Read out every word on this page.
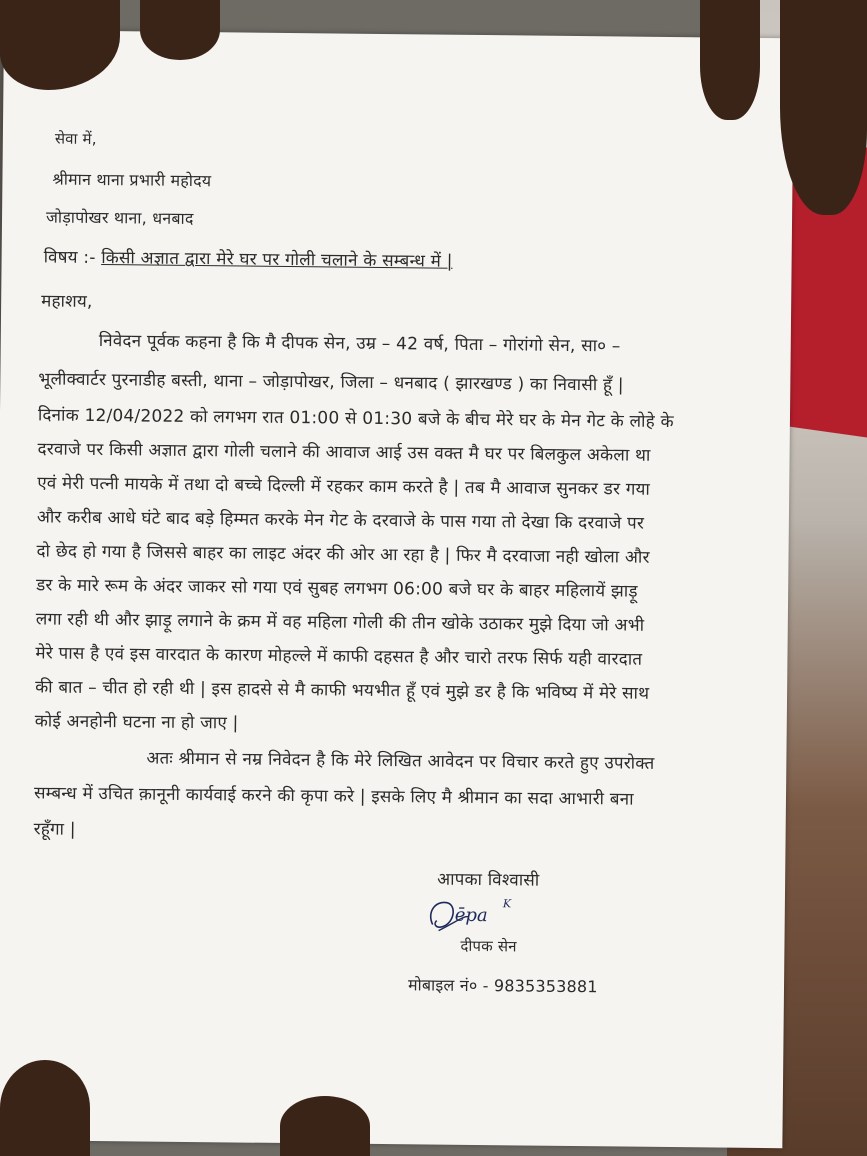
सेवा में,
श्रीमान थाना प्रभारी महोदय
जोड़ापोखर थाना, धनबाद
विषय :- किसी अज्ञात द्वारा मेरे घर पर गोली चलाने के सम्बन्ध में |
महाशय,
निवेदन पूर्वक कहना है कि मै दीपक सेन, उम्र – 42 वर्ष, पिता – गोरांगो सेन, सा० –
भूलीक्वार्टर पुरनाडीह बस्ती, थाना – जोड़ापोखर, जिला – धनबाद ( झारखण्ड ) का निवासी हूँ |
दिनांक 12/04/2022 को लगभग रात 01:00 से 01:30 बजे के बीच मेरे घर के मेन गेट के लोहे के
दरवाजे पर किसी अज्ञात द्वारा गोली चलाने की आवाज आई उस वक्त मै घर पर बिलकुल अकेला था
एवं मेरी पत्नी मायके में तथा दो बच्चे दिल्ली में रहकर काम करते है | तब मै आवाज सुनकर डर गया
और करीब आधे घंटे बाद बड़े हिम्मत करके मेन गेट के दरवाजे के पास गया तो देखा कि दरवाजे पर
दो छेद हो गया है जिससे बाहर का लाइट अंदर की ओर आ रहा है | फिर मै दरवाजा नही खोला और
डर के मारे रूम के अंदर जाकर सो गया एवं सुबह लगभग 06:00 बजे घर के बाहर महिलायें झाड़ू
लगा रही थी और झाड़ू लगाने के क्रम में वह महिला गोली की तीन खोके उठाकर मुझे दिया जो अभी
मेरे पास है एवं इस वारदात के कारण मोहल्ले में काफी दहसत है और चारो तरफ सिर्फ यही वारदात
की बात – चीत हो रही थी | इस हादसे से मै काफी भयभीत हूँ एवं मुझे डर है कि भविष्य में मेरे साथ
कोई अनहोनी घटना ना हो जाए |
अतः श्रीमान से नम्र निवेदन है कि मेरे लिखित आवेदन पर विचार करते हुए उपरोक्त
सम्बन्ध में उचित क़ानूनी कार्यवाई करने की कृपा करे | इसके लिए मै श्रीमान का सदा आभारी बना
रहूँगा |
आपका विश्वासी
ēpa
K
दीपक सेन
मोबाइल नं० - 9835353881
